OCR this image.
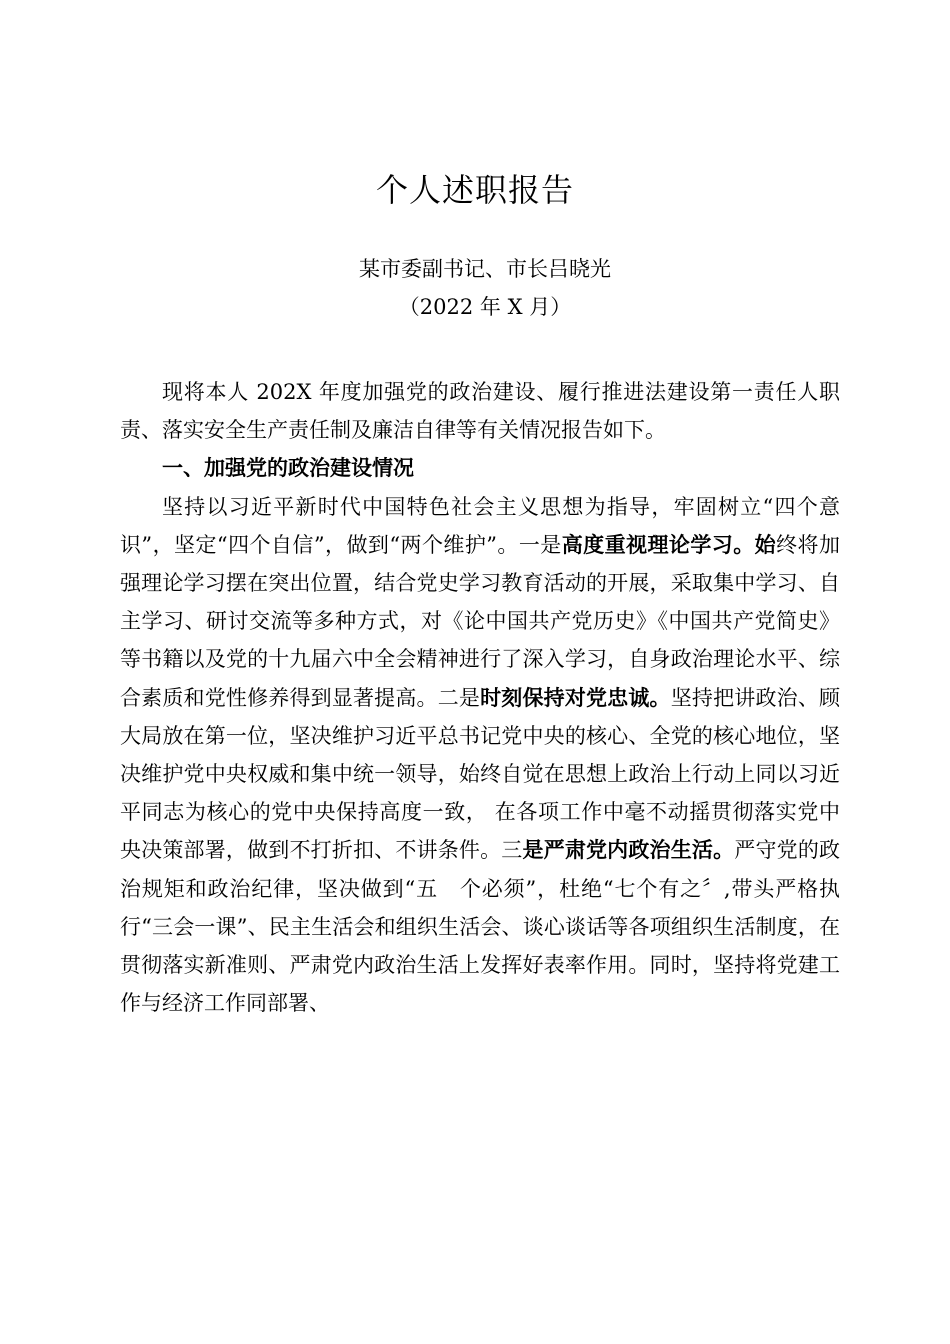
个人述职报告

某市委副书记、市长吕晓光

（2022 年 X 月）

现将本人 202X 年度加强党的政治建设、履行推进法建设第一责任人职责、落实安全生产责任制及廉洁自律等有关情况报告如下。

一、加强党的政治建设情况

坚持以习近平新时代中国特色社会主义思想为指导，牢固树立“四个意识”，坚定“四个自信”，做到“两个维护”。一是高度重视理论学习。始终将加强理论学习摆在突出位置，结合党史学习教育活动的开展，采取集中学习、自主学习、研讨交流等多种方式，对《论中国共产党历史》《中国共产党简史》等书籍以及党的十九届六中全会精神进行了深入学习，自身政治理论水平、综合素质和党性修养得到显著提高。二是时刻保持对党忠诚。坚持把讲政治、顾大局放在第一位，坚决维护习近平总书记党中央的核心、全党的核心地位，坚决维护党中央权威和集中统一领导，始终自觉在思想上政治上行动上同以习近平同志为核心的党中央保持高度一致， 在各项工作中毫不动摇贯彻落实党中央决策部署，做到不打折扣、不讲条件。三是严肃党内政治生活。严守党的政治规矩和政治纪律，坚决做到“五　个必须”，杜绝“七个有之〞,带头严格执行“三会一课”、民主生活会和组织生活会、谈心谈话等各项组织生活制度，在贯彻落实新准则、严肃党内政治生活上发挥好表率作用。同时，坚持将党建工作与经济工作同部署、
